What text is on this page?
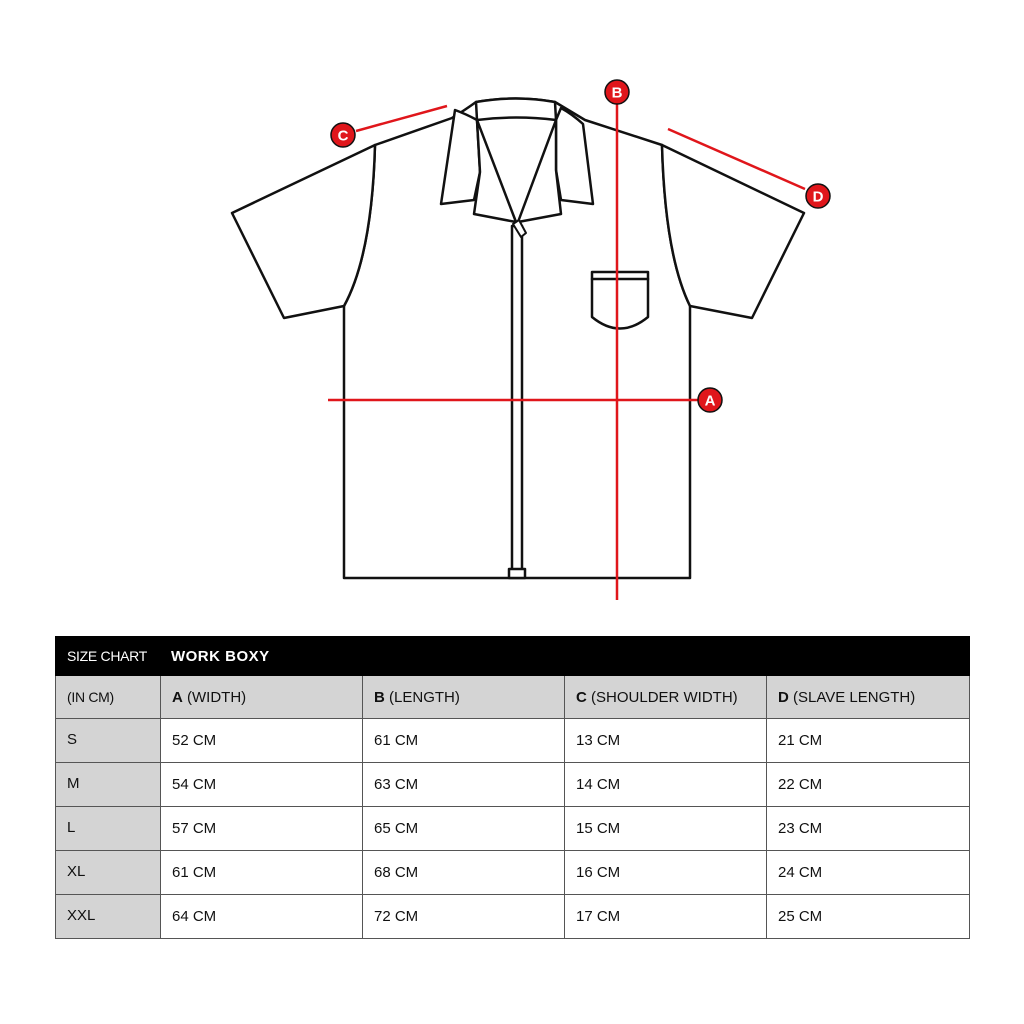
A
B
C
D
SIZE CHART WORK BOXY				
(IN CM)	A (WIDTH)	B (LENGTH)	C (SHOULDER WIDTH)	D (SLAVE LENGTH)
S	52 CM	61 CM	13 CM	21 CM
M	54 CM	63 CM	14 CM	22 CM
L	57 CM	65 CM	15 CM	23 CM
XL	61 CM	68 CM	16 CM	24 CM
XXL	64 CM	72 CM	17 CM	25 CM
